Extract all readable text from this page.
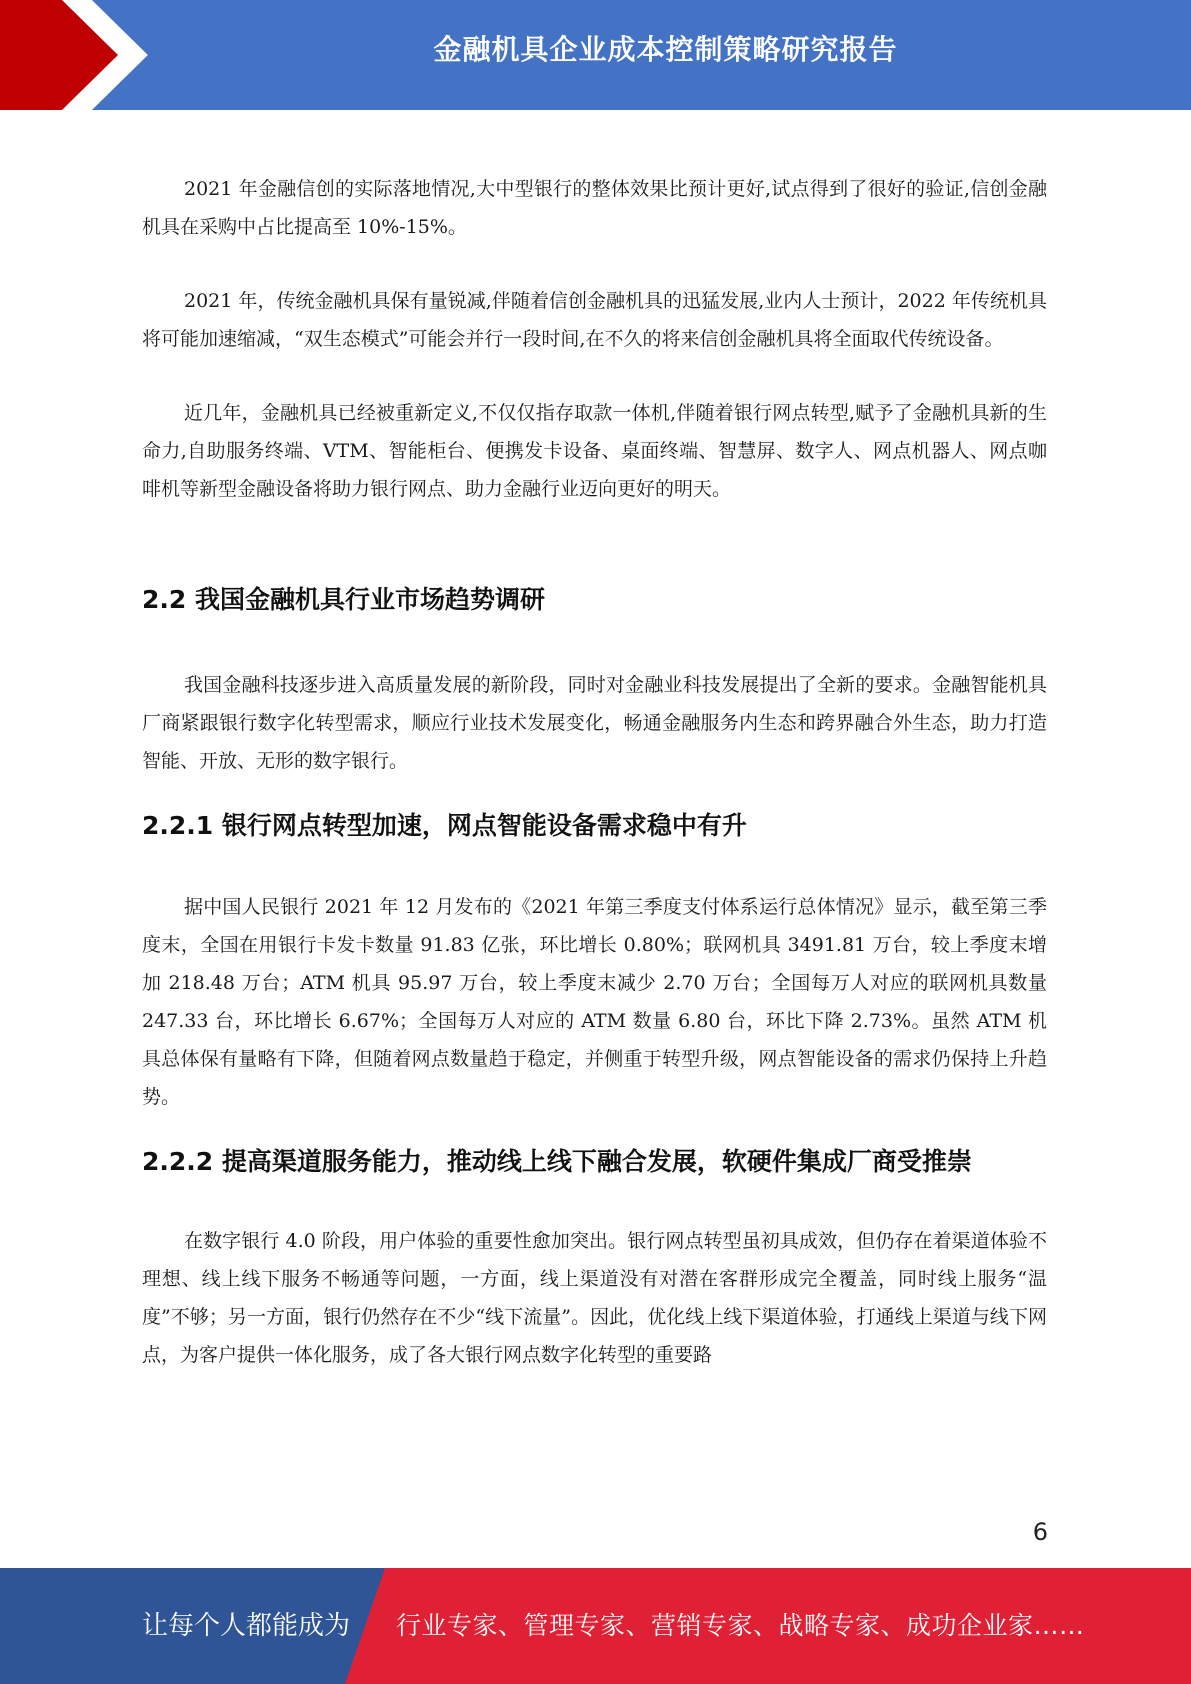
金融机具企业成本控制策略研究报告

2021 年金融信创的实际落地情况,大中型银行的整体效果比预计更好,试点得到了很好的验证,信创金融机具在采购中占比提高至 10%-15%。

2021 年，传统金融机具保有量锐减,伴随着信创金融机具的迅猛发展,业内人士预计，2022 年传统机具将可能加速缩减，“双生态模式”可能会并行一段时间,在不久的将来信创金融机具将全面取代传统设备。

近几年，金融机具已经被重新定义,不仅仅指存取款一体机,伴随着银行网点转型,赋予了金融机具新的生命力,自助服务终端、VTM、智能柜台、便携发卡设备、桌面终端、智慧屏、数字人、网点机器人、网点咖啡机等新型金融设备将助力银行网点、助力金融行业迈向更好的明天。

2.2 我国金融机具行业市场趋势调研

我国金融科技逐步进入高质量发展的新阶段，同时对金融业科技发展提出了全新的要求。金融智能机具厂商紧跟银行数字化转型需求，顺应行业技术发展变化，畅通金融服务内生态和跨界融合外生态，助力打造智能、开放、无形的数字银行。

2.2.1 银行网点转型加速，网点智能设备需求稳中有升

据中国人民银行 2021 年 12 月发布的《2021 年第三季度支付体系运行总体情况》显示，截至第三季度末，全国在用银行卡发卡数量 91.83 亿张，环比增长 0.80%；联网机具 3491.81 万台，较上季度末增加 218.48 万台；ATM 机具 95.97 万台，较上季度末减少 2.70 万台；全国每万人对应的联网机具数量 247.33 台，环比增长 6.67%；全国每万人对应的 ATM 数量 6.80 台，环比下降 2.73%。虽然 ATM 机具总体保有量略有下降，但随着网点数量趋于稳定，并侧重于转型升级，网点智能设备的需求仍保持上升趋势。

2.2.2 提高渠道服务能力，推动线上线下融合发展，软硬件集成厂商受推崇

在数字银行 4.0 阶段，用户体验的重要性愈加突出。银行网点转型虽初具成效，但仍存在着渠道体验不理想、线上线下服务不畅通等问题，一方面，线上渠道没有对潜在客群形成完全覆盖，同时线上服务“温度”不够；另一方面，银行仍然存在不少“线下流量”。因此，优化线上线下渠道体验，打通线上渠道与线下网点，为客户提供一体化服务，成了各大银行网点数字化转型的重要路

6
让每个人都能成为 行业专家、管理专家、营销专家、战略专家、成功企业家……
